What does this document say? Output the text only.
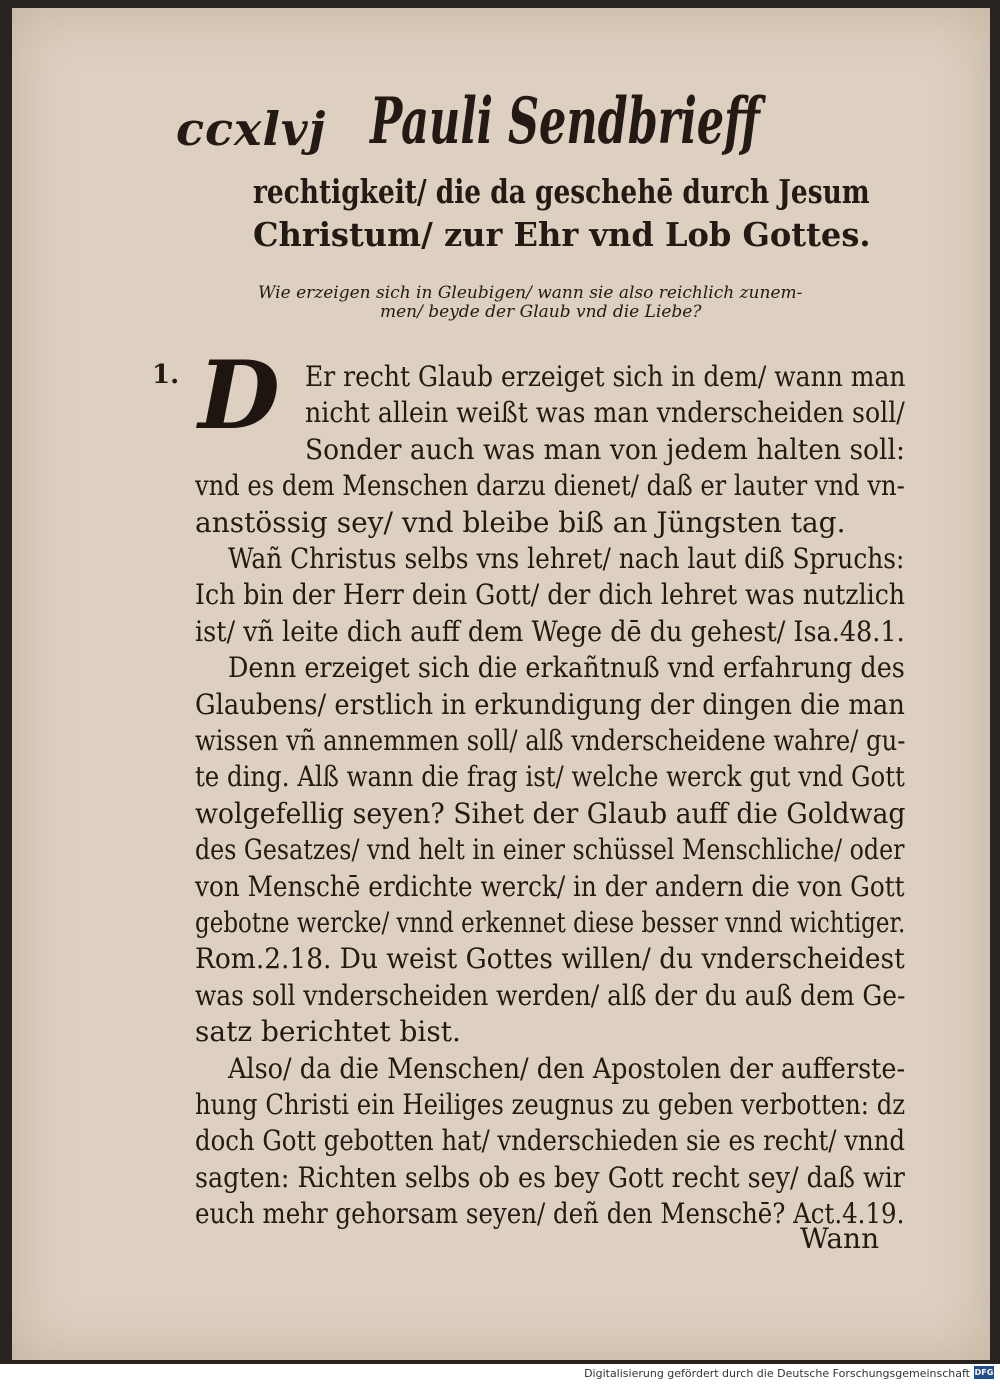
ccxlvj Pauli Sendbrieff
rechtigkeit/ die da geschehē durch Jesum
Christum/ zur Ehr vnd Lob Gottes.
Wie erzeigen sich in Gleubigen/ wann sie also reichlich zunem-
men/ beyde der Glaub vnd die Liebe?
1. D Er recht Glaub erzeiget sich in dem/ wann man
nicht allein weißt was man vnderscheiden soll/
Sonder auch was man von jedem halten soll:
vnd es dem Menschen darzu dienet/ daß er lauter vnd vn-
anstössig sey/ vnd bleibe biß an Jüngsten tag.
Wañ Christus selbs vns lehret/ nach laut diß Spruchs:
Ich bin der Herr dein Gott/ der dich lehret was nutzlich
ist/ vñ leite dich auff dem Wege dē du gehest/ Isa.48.1.
Denn erzeiget sich die erkañtnuß vnd erfahrung des
Glaubens/ erstlich in erkundigung der dingen die man
wissen vñ annemmen soll/ alß vnderscheidene wahre/ gu-
te ding. Alß wann die frag ist/ welche werck gut vnd Gott
wolgefellig seyen? Sihet der Glaub auff die Goldwag
des Gesatzes/ vnd helt in einer schüssel Menschliche/ oder
von Menschē erdichte werck/ in der andern die von Gott
gebotne wercke/ vnnd erkennet diese besser vnnd wichtiger.
Rom.2.18. Du weist Gottes willen/ du vnderscheidest
was soll vnderscheiden werden/ alß der du auß dem Ge-
satz berichtet bist.
Also/ da die Menschen/ den Apostolen der aufferste-
hung Christi ein Heiliges zeugnus zu geben verbotten: dz
doch Gott gebotten hat/ vnderschieden sie es recht/ vnnd
sagten: Richten selbs ob es bey Gott recht sey/ daß wir
euch mehr gehorsam seyen/ deñ den Menschē? Act.4.19.
Wann
Digitalisierung gefördert durch die Deutsche Forschungsgemeinschaft DFG
